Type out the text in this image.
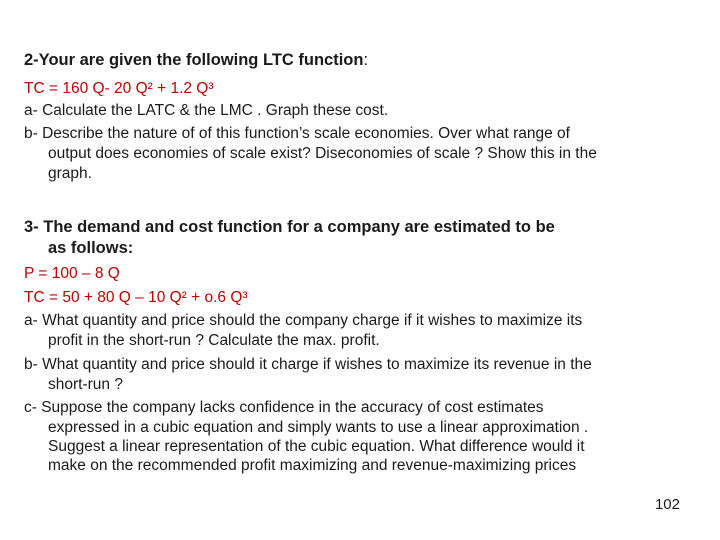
2-Your are given the following LTC function:
TC = 160 Q- 20 Q² + 1.2 Q³
a- Calculate the LATC & the LMC . Graph these cost.
b- Describe the nature of of this function’s scale economies. Over what range of
output does economies of scale exist? Diseconomies of scale ? Show this in the
graph.
3- The demand and cost function for a company are estimated to be
as follows:
P = 100 – 8 Q
TC = 50 + 80 Q – 10 Q² + o.6 Q³
a- What quantity and price should the company charge if it wishes to maximize its
profit in the short-run ? Calculate the max. profit.
b- What quantity and price should it charge if wishes to maximize its revenue in the
short-run ?
c- Suppose the company lacks confidence in the accuracy of cost estimates
expressed in a cubic equation and simply wants to use a linear approximation .
Suggest a linear representation of the cubic equation. What difference would it
make on the recommended profit maximizing and revenue-maximizing prices
102
